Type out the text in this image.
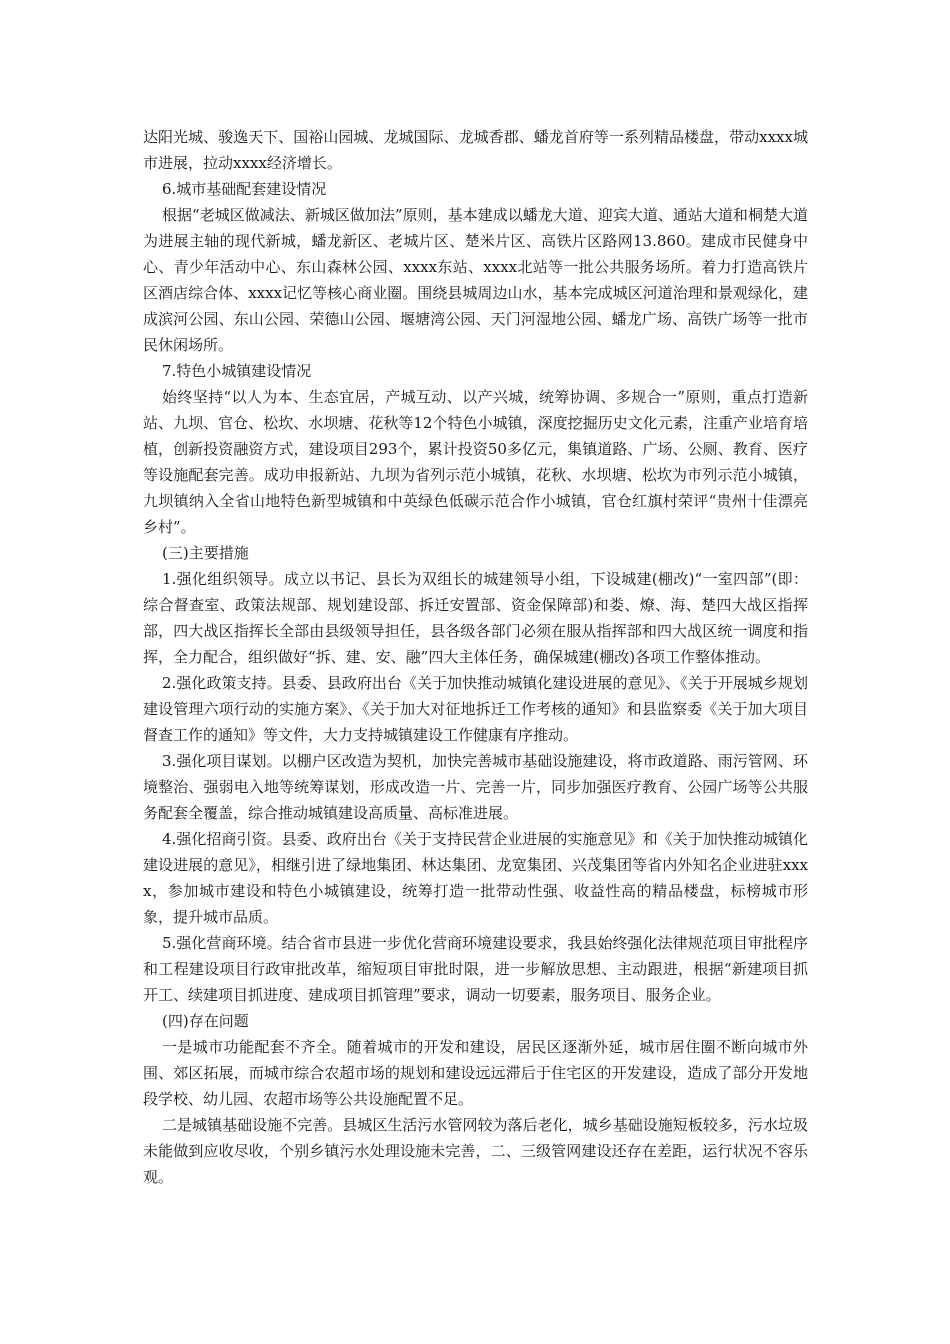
达阳光城、骏逸天下、国裕山园城、龙城国际、龙城香郡、蟠龙首府等一系列精品楼盘，带动xxxx城市进展，拉动xxxx经济增长。

6.城市基础配套建设情况

根据“老城区做减法、新城区做加法”原则，基本建成以蟠龙大道、迎宾大道、通站大道和桐楚大道为进展主轴的现代新城，蟠龙新区、老城片区、楚米片区、高铁片区路网13.860。建成市民健身中心、青少年活动中心、东山森林公园、xxxx东站、xxxx北站等一批公共服务场所。着力打造高铁片区酒店综合体、xxxx记忆等核心商业圈。围绕县城周边山水，基本完成城区河道治理和景观绿化，建成滨河公园、东山公园、荣德山公园、堰塘湾公园、天门河湿地公园、蟠龙广场、高铁广场等一批市民休闲场所。

7.特色小城镇建设情况

始终坚持“以人为本、生态宜居，产城互动、以产兴城，统筹协调、多规合一”原则，重点打造新站、九坝、官仓、松坎、水坝塘、花秋等12个特色小城镇，深度挖掘历史文化元素，注重产业培育培植，创新投资融资方式，建设项目293个，累计投资50多亿元，集镇道路、广场、公厕、教育、医疗等设施配套完善。成功申报新站、九坝为省列示范小城镇，花秋、水坝塘、松坎为市列示范小城镇，九坝镇纳入全省山地特色新型城镇和中英绿色低碳示范合作小城镇，官仓红旗村荣评“贵州十佳漂亮乡村”。

(三)主要措施

1.强化组织领导。成立以书记、县长为双组长的城建领导小组，下设城建(棚改)“一室四部”(即：综合督查室、政策法规部、规划建设部、拆迁安置部、资金保障部)和娄、燎、海、楚四大战区指挥部，四大战区指挥长全部由县级领导担任，县各级各部门必须在服从指挥部和四大战区统一调度和指挥，全力配合，组织做好“拆、建、安、融”四大主体任务，确保城建(棚改)各项工作整体推动。

2.强化政策支持。县委、县政府出台《关于加快推动城镇化建设进展的意见》、《关于开展城乡规划建设管理六项行动的实施方案》、《关于加大对征地拆迁工作考核的通知》和县监察委《关于加大项目督查工作的通知》等文件，大力支持城镇建设工作健康有序推动。

3.强化项目谋划。以棚户区改造为契机，加快完善城市基础设施建设，将市政道路、雨污管网、环境整治、强弱电入地等统筹谋划，形成改造一片、完善一片，同步加强医疗教育、公园广场等公共服务配套全覆盖，综合推动城镇建设高质量、高标准进展。

4.强化招商引资。县委、政府出台《关于支持民营企业进展的实施意见》和《关于加快推动城镇化建设进展的意见》，相继引进了绿地集团、林达集团、龙宽集团、兴茂集团等省内外知名企业进驻xxxx，参加城市建设和特色小城镇建设，统筹打造一批带动性强、收益性高的精品楼盘，标榜城市形象，提升城市品质。

5.强化营商环境。结合省市县进一步优化营商环境建设要求，我县始终强化法律规范项目审批程序和工程建设项目行政审批改革，缩短项目审批时限，进一步解放思想、主动跟进，根据“新建项目抓开工、续建项目抓进度、建成项目抓管理”要求，调动一切要素，服务项目、服务企业。

(四)存在问题

一是城市功能配套不齐全。随着城市的开发和建设，居民区逐渐外延，城市居住圈不断向城市外围、郊区拓展，而城市综合农超市场的规划和建设远远滞后于住宅区的开发建设，造成了部分开发地段学校、幼儿园、农超市场等公共设施配置不足。

二是城镇基础设施不完善。县城区生活污水管网较为落后老化，城乡基础设施短板较多，污水垃圾未能做到应收尽收，个别乡镇污水处理设施未完善，二、三级管网建设还存在差距，运行状况不容乐观。
